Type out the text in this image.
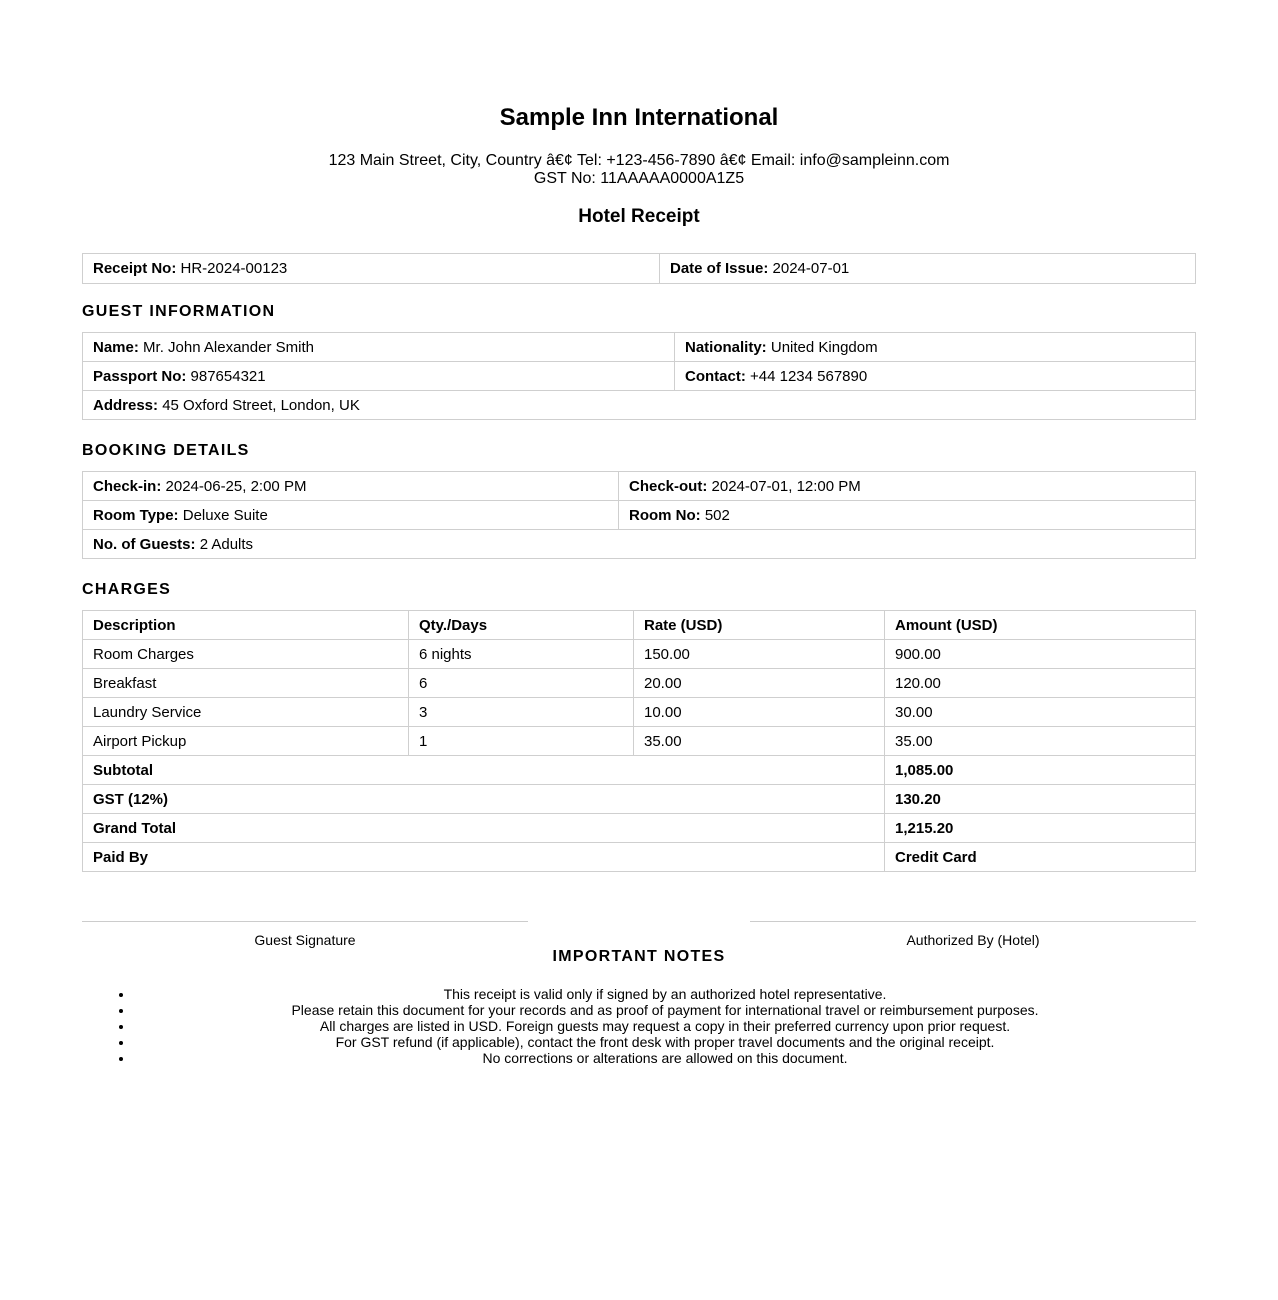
Sample Inn International
123 Main Street, City, Country â€¢ Tel: +123-456-7890 â€¢ Email: info@sampleinn.com
GST No: 11AAAAA0000A1Z5
Hotel Receipt
Receipt No: HR-2024-00123	Date of Issue: 2024-07-01
GUEST INFORMATION
Name: Mr. John Alexander Smith	Nationality: United Kingdom
Passport No: 987654321	Contact: +44 1234 567890
Address: 45 Oxford Street, London, UK	
BOOKING DETAILS
Check-in: 2024-06-25, 2:00 PM	Check-out: 2024-07-01, 12:00 PM
Room Type: Deluxe Suite	Room No: 502
No. of Guests: 2 Adults	
CHARGES
Description	Qty./Days	Rate (USD)	Amount (USD)
Room Charges	6 nights	150.00	900.00
Breakfast	6	20.00	120.00
Laundry Service	3	10.00	30.00
Airport Pickup	1	35.00	35.00
Subtotal			1,085.00
GST (12%)			130.20
Grand Total			1,215.20
Paid By			Credit Card
Guest Signature	Authorized By (Hotel)
IMPORTANT NOTES
• This receipt is valid only if signed by an authorized hotel representative.
• Please retain this document for your records and as proof of payment for international travel or reimbursement purposes.
• All charges are listed in USD. Foreign guests may request a copy in their preferred currency upon prior request.
• For GST refund (if applicable), contact the front desk with proper travel documents and the original receipt.
• No corrections or alterations are allowed on this document.
